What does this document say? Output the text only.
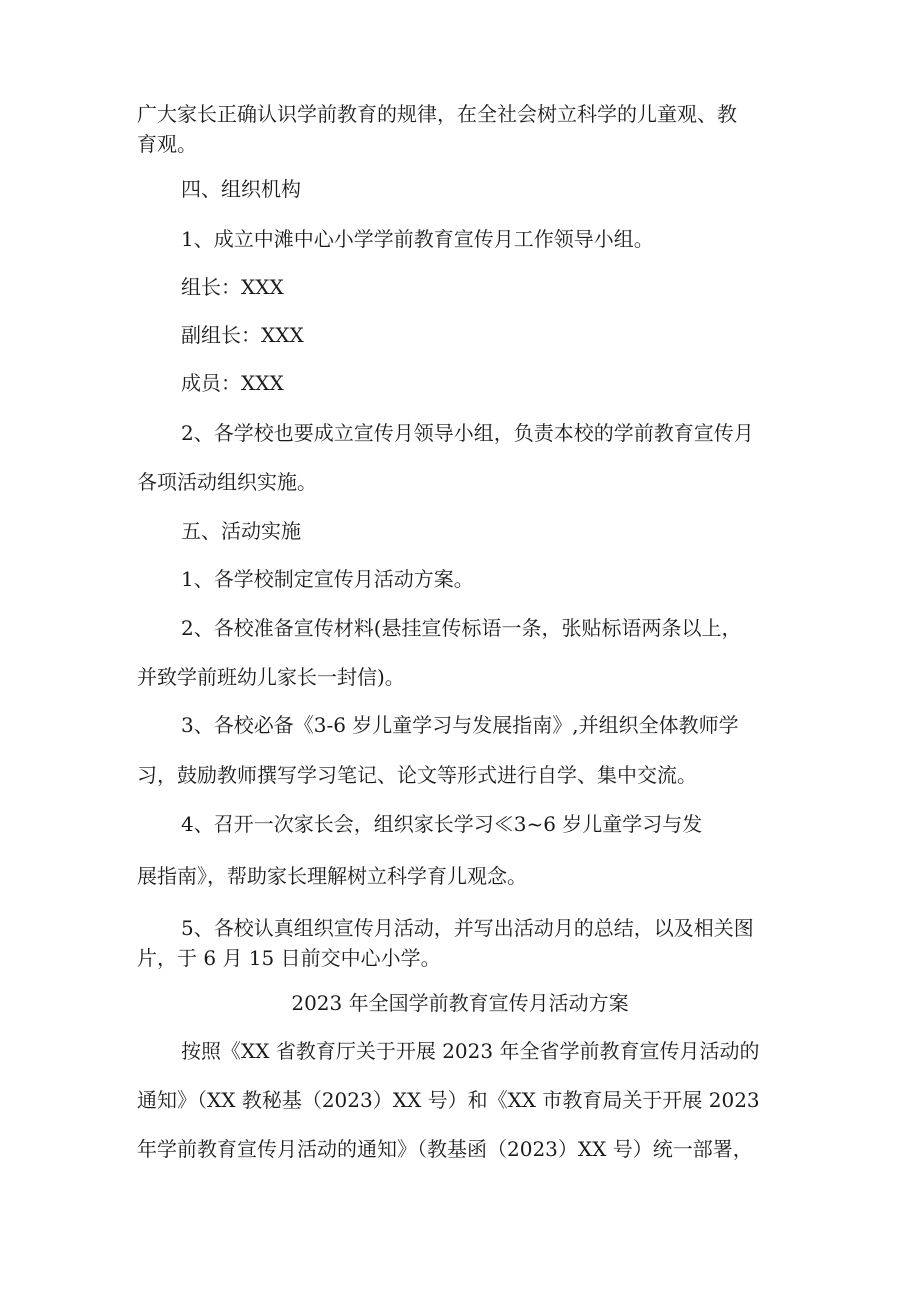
广大家长正确认识学前教育的规律，在全社会树立科学的儿童观、教
育观。
四、组织机构
1、成立中滩中心小学学前教育宣传月工作领导小组。
组长：XXX
副组长：XXX
成员：XXX
2、各学校也要成立宣传月领导小组，负责本校的学前教育宣传月
各项活动组织实施。
五、活动实施
1、各学校制定宣传月活动方案。
2、各校准备宣传材料(悬挂宣传标语一条，张贴标语两条以上，
并致学前班幼儿家长一封信)。
3、各校必备《3-6 岁儿童学习与发展指南》,并组织全体教师学
习，鼓励教师撰写学习笔记、论文等形式进行自学、集中交流。
4、召开一次家长会，组织家长学习≪3~6 岁儿童学习与发
展指南》，帮助家长理解树立科学育儿观念。
5、各校认真组织宣传月活动，并写出活动月的总结，以及相关图
片，于 6 月 15 日前交中心小学。
2023 年全国学前教育宣传月活动方案
按照《XX 省教育厅关于开展 2023 年全省学前教育宣传月活动的
通知》（XX 教秘基（2023）XX 号）和《XX 市教育局关于开展 2023
年学前教育宣传月活动的通知》（教基函（2023）XX 号）统一部署，
